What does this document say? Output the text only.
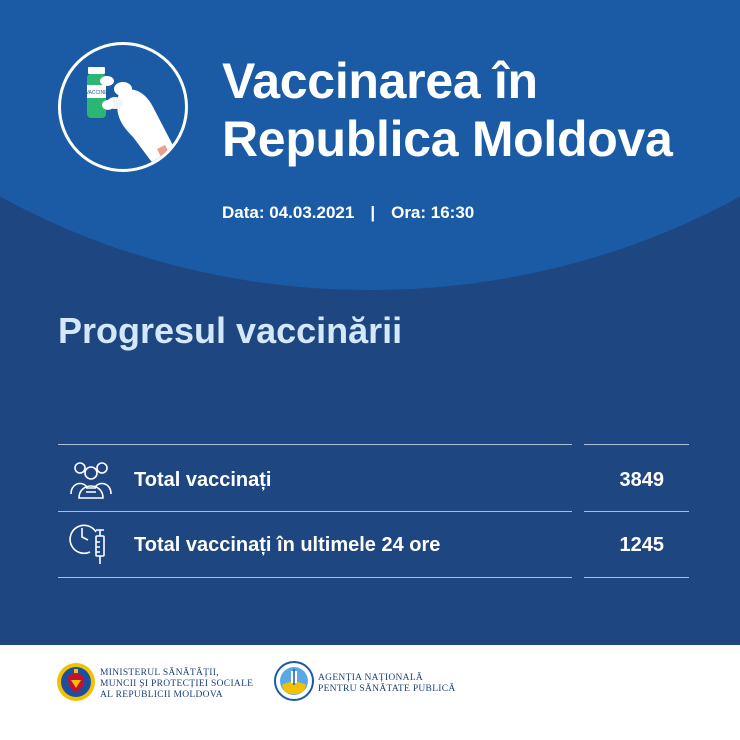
VACCINE Vaccinarea în
Republica Moldova
Data: 04.03.2021 | Ora: 16:30
Progresul vaccinării
Total vaccinați	3849
Total vaccinați în ultimele 24 ore	1245
MINISTERUL SĂNĂTĂȚII,
MUNCII ȘI PROTECȚIEI SOCIALE
AL REPUBLICII MOLDOVA
AGENȚIA NAȚIONALĂ
PENTRU SĂNĂTATE PUBLICĂ
